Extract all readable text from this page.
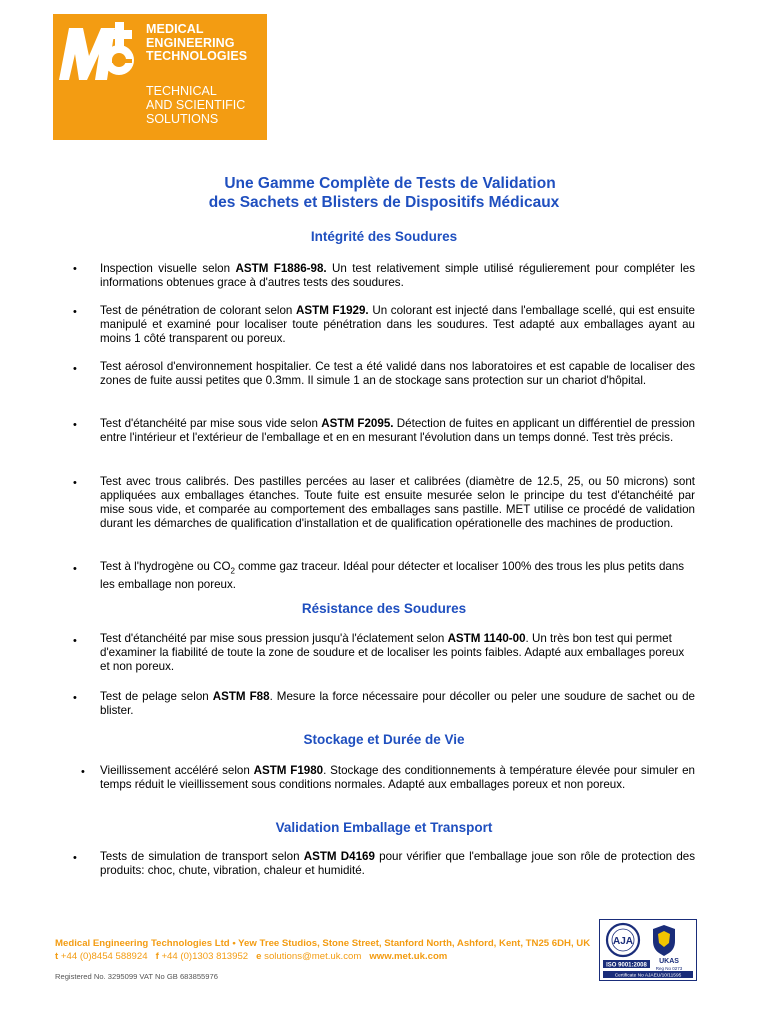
MEDICAL
ENGINEERING
TECHNOLOGIES
TECHNICAL
AND SCIENTIFIC
SOLUTIONS
Une Gamme Complète de Tests de Validation
des Sachets et Blisters de Dispositifs Médicaux
Intégrité des Soudures
•	Inspection visuelle selon ASTM F1886-98. Un test relativement simple utilisé régulierement pour compléter les informations obtenues grace à d'autres tests des soudures.
•	Test de pénétration de colorant selon ASTM F1929. Un colorant est injecté dans l'emballage scellé, qui est ensuite manipulé et examiné pour localiser toute pénétration dans les soudures. Test adapté aux emballages ayant au moins 1 côté transparent ou poreux.
•	Test aérosol d'environnement hospitalier. Ce test a été validé dans nos laboratoires et est capable de localiser des zones de fuite aussi petites que 0.3mm. Il simule 1 an de stockage sans protection sur un chariot d'hôpital.
•	Test d'étanchéité par mise sous vide selon ASTM F2095. Détection de fuites en applicant un différentiel de pression entre l'intérieur et l'extérieur de l'emballage et en en mesurant l'évolution dans un temps donné. Test très précis.
•	Test avec trous calibrés. Des pastilles percées au laser et calibrées (diamètre de 12.5, 25, ou 50 microns) sont appliquées aux emballages étanches. Toute fuite est ensuite mesurée selon le principe du test d'étanchéité par mise sous vide, et comparée au comportement des emballages sans pastille. MET utilise ce procédé de validation durant les démarches de qualification d'installation et de qualification opérationelle des machines de production.
•	Test à l'hydrogène ou $CO_2$ comme gaz traceur. Idéal pour détecter et localiser 100% des trous les plus petits dans les emballage non poreux.
Résistance des Soudures
•	Test d'étanchéité par mise sous pression jusqu'à l'éclatement selon ASTM 1140-00. Un très bon test qui permet d'examiner la fiabilité de toute la zone de soudure et de localiser les points faibles. Adapté aux emballages poreux et non poreux.
•	Test de pelage selon ASTM F88. Mesure la force nécessaire pour décoller ou peler une soudure de sachet ou de blister.
Stockage et Durée de Vie
•	Vieillissement accéléré selon ASTM F1980. Stockage des conditionnements à température élevée pour simuler en temps réduit le vieillissement sous conditions normales. Adapté aux emballages poreux et non poreux.
Validation Emballage et Transport
•	Tests de simulation de transport selon ASTM D4169 pour vérifier que l'emballage joue son rôle de protection des produits: choc, chute, vibration, chaleur et humidité.
Medical Engineering Technologies Ltd • Yew Tree Studios, Stone Street, Stanford North, Ashford, Kent, TN25 6DH, UK
t +44 (0)8454 588924 f +44 (0)1303 813952 e solutions@met.uk.com www.met.uk.com
Registered No. 3295099 VAT No GB 683855976
AJA
ISO 9001:2008
UKAS
Reg No 0273
Certificate No AJAEU/10/11595
